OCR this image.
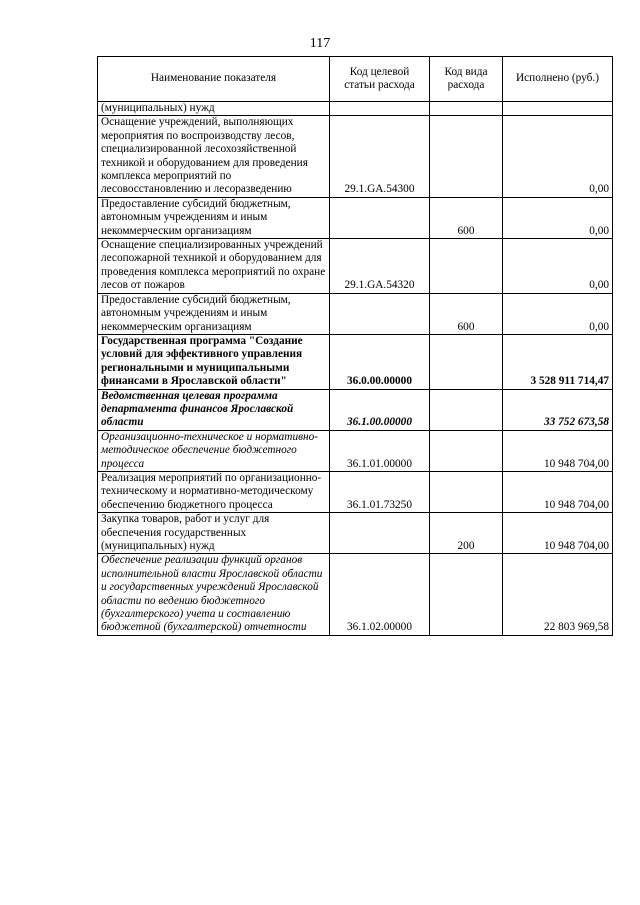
117
Наименование показателя	Код целевой статьи расхода	Код вида расхода	Исполнено (руб.)
(муниципальных) нужд			
Оснащение учреждений, выполняющих мероприятия по воспроизводству лесов, специализированной лесохозяйственной техникой и оборудованием для проведения комплекса мероприятий по лесовосстановлению и лесоразведению	29.1.GA.54300		0,00
Предоставление субсидий бюджетным, автономным учреждениям и иным некоммерческим организациям		600	0,00
Оснащение специализированных учреждений лесопожарной техникой и оборудованием для проведения комплекса мероприятий по охране лесов от пожаров	29.1.GA.54320		0,00
Предоставление субсидий бюджетным, автономным учреждениям и иным некоммерческим организациям		600	0,00
Государственная программа "Создание условий для эффективного управления региональными и муниципальными финансами в Ярославской области"	36.0.00.00000		3 528 911 714,47
Ведомственная целевая программа департамента финансов Ярославской области	36.1.00.00000		33 752 673,58
Организационно-техническое и нормативно-методическое обеспечение бюджетного процесса	36.1.01.00000		10 948 704,00
Реализация мероприятий по организационно-техническому и нормативно-методическому обеспечению бюджетного процесса	36.1.01.73250		10 948 704,00
Закупка товаров, работ и услуг для обеспечения государственных (муниципальных) нужд		200	10 948 704,00
Обеспечение реализации функций органов исполнительной власти Ярославской области и государственных учреждений Ярославской области по ведению бюджетного (бухгалтерского) учета и составлению бюджетной (бухгалтерской) отчетности	36.1.02.00000		22 803 969,58
